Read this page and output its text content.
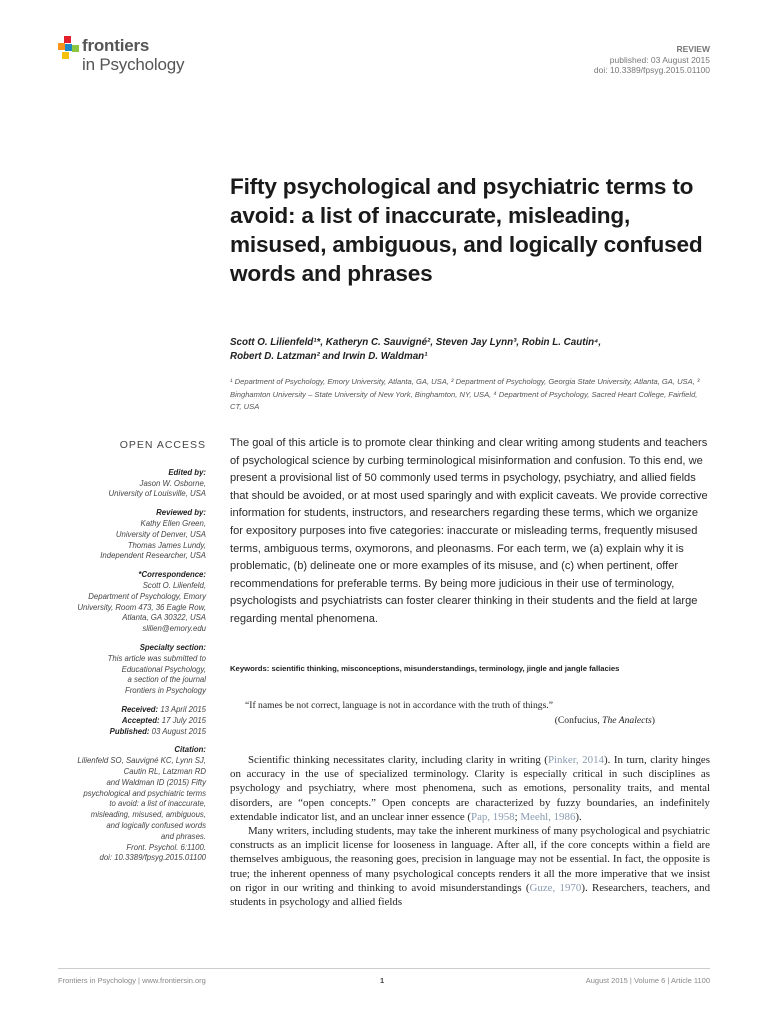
frontiers
in Psychology
REVIEW
published: 03 August 2015
doi: 10.3389/fpsyg.2015.01100
Fifty psychological and psychiatric terms to avoid: a list of inaccurate, misleading, misused, ambiguous, and logically confused words and phrases
Scott O. Lilienfeld¹*, Katheryn C. Sauvigné², Steven Jay Lynn³, Robin L. Cautin⁴,
Robert D. Latzman² and Irwin D. Waldman¹
¹ Department of Psychology, Emory University, Atlanta, GA, USA, ² Department of Psychology, Georgia State University, Atlanta, GA, USA, ³ Binghamton University – State University of New York, Binghamton, NY, USA, ⁴ Department of Psychology, Sacred Heart College, Fairfield, CT, USA
OPEN ACCESS
Edited by:
Jason W. Osborne,
University of Louisville, USA
Reviewed by:
Kathy Ellen Green,
University of Denver, USA
Thomas James Lundy,
Independent Researcher, USA
*Correspondence:
Scott O. Lilienfeld,
Department of Psychology, Emory
University, Room 473, 36 Eagle Row,
Atlanta, GA 30322, USA
slilien@emory.edu
Specialty section:
This article was submitted to
Educational Psychology,
a section of the journal
Frontiers in Psychology
Received: 13 April 2015
Accepted: 17 July 2015
Published: 03 August 2015
Citation:
Lilienfeld SO, Sauvigné KC, Lynn SJ,
Cautin RL, Latzman RD
and Waldman ID (2015) Fifty
psychological and psychiatric terms
to avoid: a list of inaccurate,
misleading, misused, ambiguous,
and logically confused words
and phrases.
Front. Psychol. 6:1100.
doi: 10.3389/fpsyg.2015.01100
The goal of this article is to promote clear thinking and clear writing among students and teachers of psychological science by curbing terminological misinformation and confusion. To this end, we present a provisional list of 50 commonly used terms in psychology, psychiatry, and allied fields that should be avoided, or at most used sparingly and with explicit caveats. We provide corrective information for students, instructors, and researchers regarding these terms, which we organize for expository purposes into five categories: inaccurate or misleading terms, frequently misused terms, ambiguous terms, oxymorons, and pleonasms. For each term, we (a) explain why it is problematic, (b) delineate one or more examples of its misuse, and (c) when pertinent, offer recommendations for preferable terms. By being more judicious in their use of terminology, psychologists and psychiatrists can foster clearer thinking in their students and the field at large regarding mental phenomena.
Keywords: scientific thinking, misconceptions, misunderstandings, terminology, jingle and jangle fallacies
“If names be not correct, language is not in accordance with the truth of things.”
(Confucius, The Analects)

Scientific thinking necessitates clarity, including clarity in writing (Pinker, 2014). In turn, clarity hinges on accuracy in the use of specialized terminology. Clarity is especially critical in such disciplines as psychology and psychiatry, where most phenomena, such as emotions, personality traits, and mental disorders, are “open concepts.” Open concepts are characterized by fuzzy boundaries, an indefinitely extendable indicator list, and an unclear inner essence (Pap, 1958; Meehl, 1986).

Many writers, including students, may take the inherent murkiness of many psychological and psychiatric constructs as an implicit license for looseness in language. After all, if the core concepts within a field are themselves ambiguous, the reasoning goes, precision in language may not be essential. In fact, the opposite is true; the inherent openness of many psychological concepts renders it all the more imperative that we insist on rigor in our writing and thinking to avoid misunderstandings (Guze, 1970). Researchers, teachers, and students in psychology and allied fields

Frontiers in Psychology | www.frontiersin.org	1	August 2015 | Volume 6 | Article 1100
